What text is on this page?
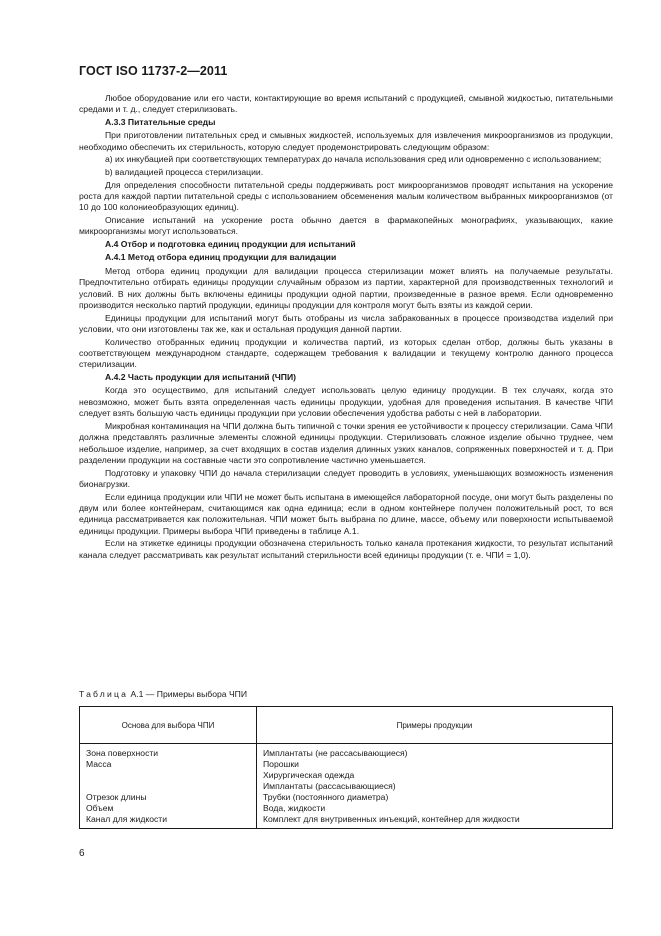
ГОСТ ISO 11737-2—2011

Любое оборудование или его части, контактирующие во время испытаний с продукцией, смывной жидкостью, питательными средами и т. д., следует стерилизовать.

А.3.3 Питательные среды

При приготовлении питательных сред и смывных жидкостей, используемых для извлечения микроорганизмов из продукции, необходимо обеспечить их стерильность, которую следует продемонстрировать следующим образом:

a) их инкубацией при соответствующих температурах до начала использования сред или одновременно с использованием;

b) валидацией процесса стерилизации.

Для определения способности питательной среды поддерживать рост микроорганизмов проводят испытания на ускорение роста для каждой партии питательной среды с использованием обсеменения малым количеством выбранных микроорганизмов (от 10 до 100 колониеобразующих единиц).

Описание испытаний на ускорение роста обычно дается в фармакопейных монографиях, указывающих, какие микроорганизмы могут использоваться.

А.4 Отбор и подготовка единиц продукции для испытаний

А.4.1 Метод отбора единиц продукции для валидации

Метод отбора единиц продукции для валидации процесса стерилизации может влиять на получаемые результаты. Предпочтительно отбирать единицы продукции случайным образом из партии, характерной для производственных технологий и условий. В них должны быть включены единицы продукции одной партии, произведенные в разное время. Если одновременно производится несколько партий продукции, единицы продукции для контроля могут быть взяты из каждой серии.

Единицы продукции для испытаний могут быть отобраны из числа забракованных в процессе производства изделий при условии, что они изготовлены так же, как и остальная продукция данной партии.

Количество отобранных единиц продукции и количества партий, из которых сделан отбор, должны быть указаны в соответствующем международном стандарте, содержащем требования к валидации и текущему контролю данного процесса стерилизации.

А.4.2 Часть продукции для испытаний (ЧПИ)

Когда это осуществимо, для испытаний следует использовать целую единицу продукции. В тех случаях, когда это невозможно, может быть взята определенная часть единицы продукции, удобная для проведения испытания. В качестве ЧПИ следует взять большую часть единицы продукции при условии обеспечения удобства работы с ней в лаборатории.

Микробная контаминация на ЧПИ должна быть типичной с точки зрения ее устойчивости к процессу стерилизации. Сама ЧПИ должна представлять различные элементы сложной единицы продукции. Стерилизовать сложное изделие обычно труднее, чем небольшое изделие, например, за счет входящих в состав изделия длинных узких каналов, сопряженных поверхностей и т. д. При разделении продукции на составные части это сопротивление частично уменьшается.

Подготовку и упаковку ЧПИ до начала стерилизации следует проводить в условиях, уменьшающих возможность изменения бионагрузки.

Если единица продукции или ЧПИ не может быть испытана в имеющейся лабораторной посуде, они могут быть разделены по двум или более контейнерам, считающимся как одна единица; если в одном контейнере получен положительный рост, то вся единица рассматривается как положительная. ЧПИ может быть выбрана по длине, массе, объему или поверхности испытываемой единицы продукции. Примеры выбора ЧПИ приведены в таблице А.1.

Если на этикетке единицы продукции обозначена стерильность только канала протекания жидкости, то результат испытаний канала следует рассматривать как результат испытаний стерильности всей единицы продукции (т. е. ЧПИ = 1,0).

Таблица А.1 — Примеры выбора ЧПИ
Основа для выбора ЧПИ	Примеры продукции
Зона поверхности	Имплантаты (не рассасывающиеся)
Масса	Порошки
	Хирургическая одежда
	Имплантаты (рассасывающиеся)
Отрезок длины	Трубки (постоянного диаметра)
Объем	Вода, жидкости
Канал для жидкости	Комплект для внутривенных инъекций, контейнер для жидкости
6
